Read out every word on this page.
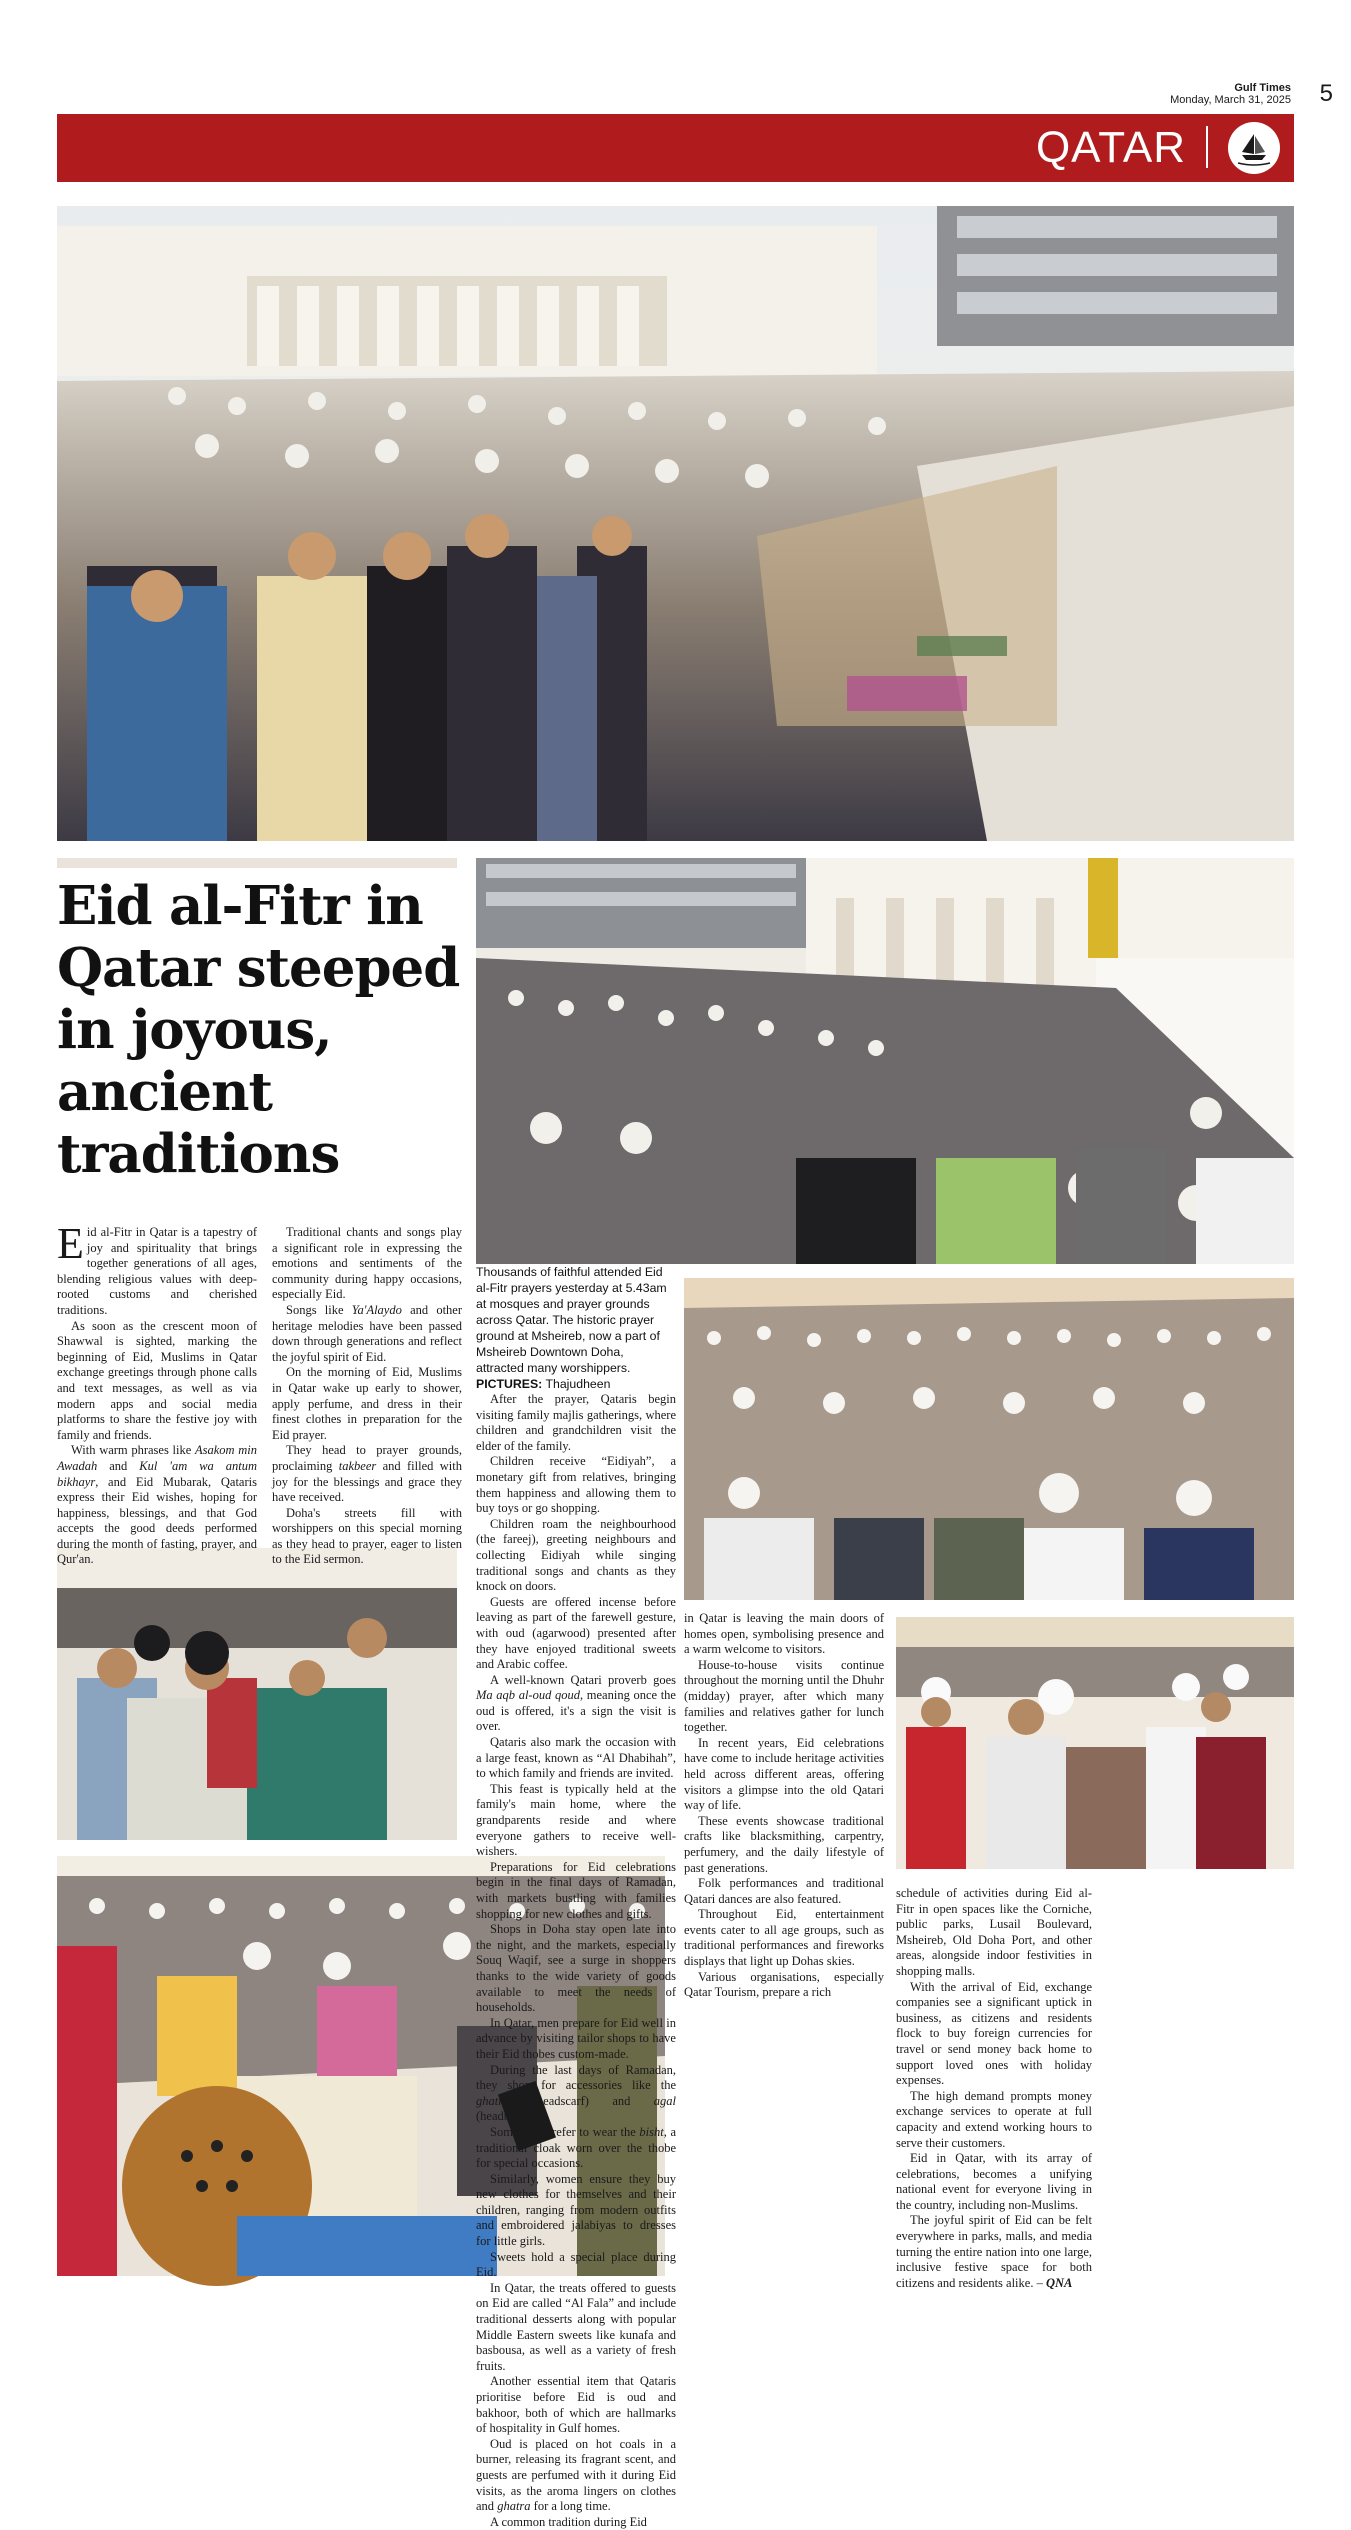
Gulf Times
Monday, March 31, 2025 5
QATAR
Eid al-Fitr in Qatar steeped in joyous, ancient traditions
Thousands of faithful attended Eid al-Fitr prayers yesterday at 5.43am at mosques and prayer grounds across Qatar. The historic prayer ground at Msheireb, now a part of Msheireb Downtown Doha, attracted many worshippers.
PICTURES: Thajudheen

Eid al-Fitr in Qatar is a tapestry of joy and spirituality that brings together generations of all ages, blending religious values with deep-rooted customs and cherished traditions.

As soon as the crescent moon of Shawwal is sighted, marking the beginning of Eid, Muslims in Qatar exchange greetings through phone calls and text messages, as well as via modern apps and social media platforms to share the festive joy with family and friends.

With warm phrases like Asakom min Awadah and Kul 'am wa antum bikhayr, and Eid Mubarak, Qataris express their Eid wishes, hoping for happiness, blessings, and that God accepts the good deeds performed during the month of fasting, prayer, and Qur'an.

Traditional chants and songs play a significant role in expressing the emotions and sentiments of the community during happy occasions, especially Eid.

Songs like Ya'Alaydo and other heritage melodies have been passed down through generations and reflect the joyful spirit of Eid.

On the morning of Eid, Muslims in Qatar wake up early to shower, apply perfume, and dress in their finest clothes in preparation for the Eid prayer.

They head to prayer grounds, proclaiming takbeer and filled with joy for the blessings and grace they have received.

Doha's streets fill with worshippers on this special morning as they head to prayer, eager to listen to the Eid sermon.

After the prayer, Qataris begin visiting family majlis gatherings, where children and grandchildren visit the elder of the family.

Children receive “Eidiyah”, a monetary gift from relatives, bringing them happiness and allowing them to buy toys or go shopping.

Children roam the neighbourhood (the fareej), greeting neighbours and collecting Eidiyah while singing traditional songs and chants as they knock on doors.

Guests are offered incense before leaving as part of the farewell gesture, with oud (agarwood) presented after they have enjoyed traditional sweets and Arabic coffee.

A well-known Qatari proverb goes Ma aqb al-oud qoud, meaning once the oud is offered, it's a sign the visit is over.

Qataris also mark the occasion with a large feast, known as “Al Dhabihah”, to which family and friends are invited.

This feast is typically held at the family's main home, where the grandparents reside and where everyone gathers to receive well-wishers.

Preparations for Eid celebrations begin in the final days of Ramadan, with markets bustling with families shopping for new clothes and gifts.

Shops in Doha stay open late into the night, and the markets, especially Souq Waqif, see a surge in shoppers thanks to the wide variety of goods available to meet the needs of households.

In Qatar, men prepare for Eid well in advance by visiting tailor shops to have their Eid thobes custom-made.

During the last days of Ramadan, they shop for accessories like the ghatra (headscarf) and agal (headband).

Some also prefer to wear the bisht, a traditional cloak worn over the thobe for special occasions.

Similarly, women ensure they buy new clothes for themselves and their children, ranging from modern outfits and embroidered jalabiyas to dresses for little girls.

Sweets hold a special place during Eid.

In Qatar, the treats offered to guests on Eid are called “Al Fala” and include traditional desserts along with popular Middle Eastern sweets like kunafa and basbousa, as well as a variety of fresh fruits.

Another essential item that Qataris prioritise before Eid is oud and bakhoor, both of which are hallmarks of hospitality in Gulf homes.

Oud is placed on hot coals in a burner, releasing its fragrant scent, and guests are perfumed with it during Eid visits, as the aroma lingers on clothes and ghatra for a long time.

A common tradition during Eid

in Qatar is leaving the main doors of homes open, symbolising presence and a warm welcome to visitors.

House-to-house visits continue throughout the morning until the Dhuhr (midday) prayer, after which many families and relatives gather for lunch together.

In recent years, Eid celebrations have come to include heritage activities held across different areas, offering visitors a glimpse into the old Qatari way of life.

These events showcase traditional crafts like blacksmithing, carpentry, perfumery, and the daily lifestyle of past generations.

Folk performances and traditional Qatari dances are also featured.

Throughout Eid, entertainment events cater to all age groups, such as traditional performances and fireworks displays that light up Dohas skies.

Various organisations, especially Qatar Tourism, prepare a rich

schedule of activities during Eid al-Fitr in open spaces like the Corniche, public parks, Lusail Boulevard, Msheireb, Old Doha Port, and other areas, alongside indoor festivities in shopping malls.

With the arrival of Eid, exchange companies see a significant uptick in business, as citizens and residents flock to buy foreign currencies for travel or send money back home to support loved ones with holiday expenses.

The high demand prompts money exchange services to operate at full capacity and extend working hours to serve their customers.

Eid in Qatar, with its array of celebrations, becomes a unifying national event for everyone living in the country, including non-Muslims.

The joyful spirit of Eid can be felt everywhere in parks, malls, and media turning the entire nation into one large, inclusive festive space for both citizens and residents alike. – QNA
